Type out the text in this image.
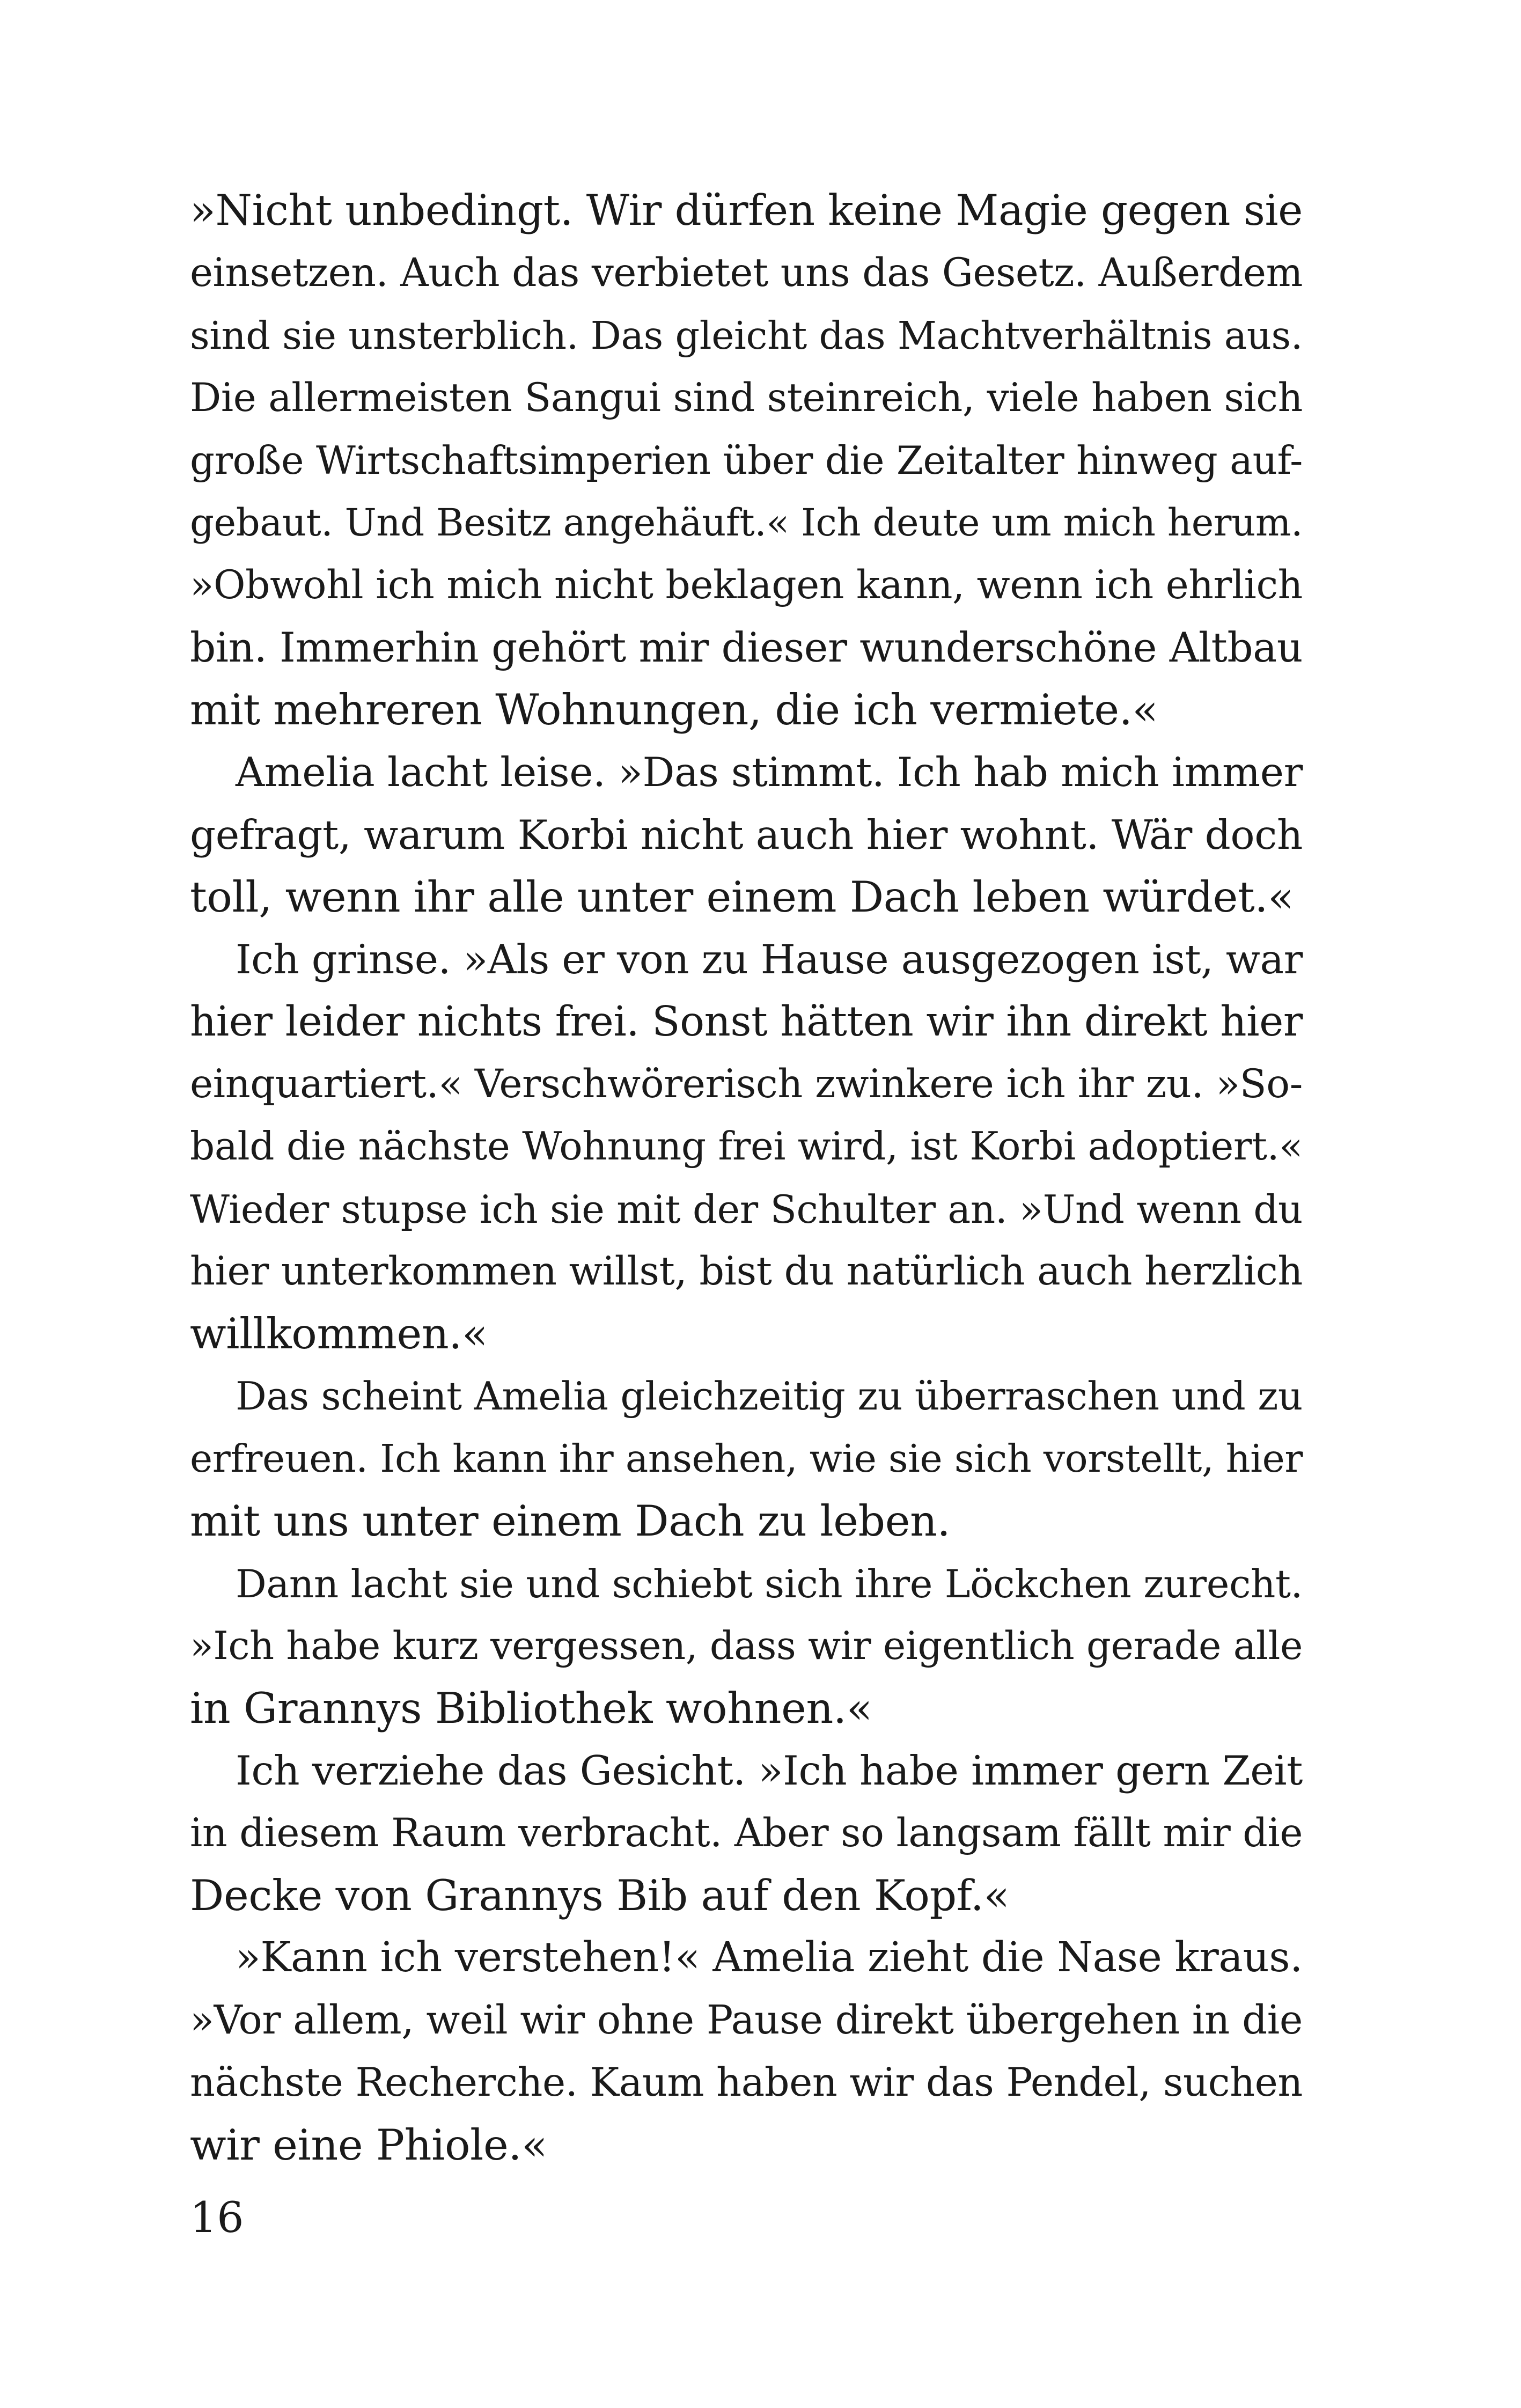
»Nicht unbedingt. Wir dürfen keine Magie gegen sie
einsetzen. Auch das verbietet uns das Gesetz. Außerdem
sind sie unsterblich. Das gleicht das Machtverhältnis aus.
Die allermeisten Sangui sind steinreich, viele haben sich
große Wirtschaftsimperien über die Zeitalter hinweg auf-
gebaut. Und Besitz angehäuft.« Ich deute um mich herum.
»Obwohl ich mich nicht beklagen kann, wenn ich ehrlich
bin. Immerhin gehört mir dieser wunderschöne Altbau
mit mehreren Wohnungen, die ich vermiete.«
Amelia lacht leise. »Das stimmt. Ich hab mich immer
gefragt, warum Korbi nicht auch hier wohnt. Wär doch
toll, wenn ihr alle unter einem Dach leben würdet.«
Ich grinse. »Als er von zu Hause ausgezogen ist, war
hier leider nichts frei. Sonst hätten wir ihn direkt hier
einquartiert.« Verschwörerisch zwinkere ich ihr zu. »So-
bald die nächste Wohnung frei wird, ist Korbi adoptiert.«
Wieder stupse ich sie mit der Schulter an. »Und wenn du
hier unterkommen willst, bist du natürlich auch herzlich
willkommen.«
Das scheint Amelia gleichzeitig zu überraschen und zu
erfreuen. Ich kann ihr ansehen, wie sie sich vorstellt, hier
mit uns unter einem Dach zu leben.
Dann lacht sie und schiebt sich ihre Löckchen zurecht.
»Ich habe kurz vergessen, dass wir eigentlich gerade alle
in Grannys Bibliothek wohnen.«
Ich verziehe das Gesicht. »Ich habe immer gern Zeit
in diesem Raum verbracht. Aber so langsam fällt mir die
Decke von Grannys Bib auf den Kopf.«
»Kann ich verstehen!« Amelia zieht die Nase kraus.
»Vor allem, weil wir ohne Pause direkt übergehen in die
nächste Recherche. Kaum haben wir das Pendel, suchen
wir eine Phiole.«
16
